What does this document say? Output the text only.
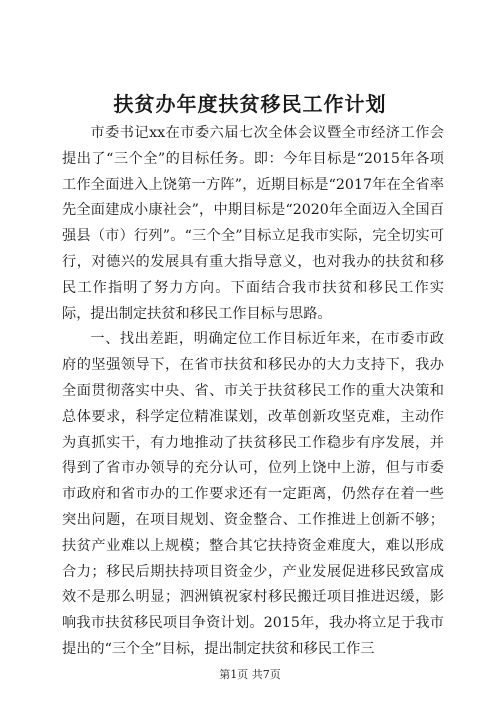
扶贫办年度扶贫移民工作计划

市委书记xx在市委六届七次全体会议暨全市经济工作会提出了“三个全”的目标任务。即：今年目标是“2015年各项工作全面进入上饶第一方阵”，近期目标是“2017年在全省率先全面建成小康社会”，中期目标是“2020年全面迈入全国百强县（市）行列”。“三个全”目标立足我市实际，完全切实可行，对德兴的发展具有重大指导意义，也对我办的扶贫和移民工作指明了努力方向。下面结合我市扶贫和移民工作实际，提出制定扶贫和移民工作目标与思路。

一、找出差距，明确定位工作目标近年来，在市委市政府的坚强领导下，在省市扶贫和移民办的大力支持下，我办全面贯彻落实中央、省、市关于扶贫移民工作的重大决策和总体要求，科学定位精准谋划，改革创新攻坚克难，主动作为真抓实干，有力地推动了扶贫移民工作稳步有序发展，并得到了省市办领导的充分认可，位列上饶中上游，但与市委市政府和省市办的工作要求还有一定距离，仍然存在着一些突出问题，在项目规划、资金整合、工作推进上创新不够；扶贫产业难以上规模；整合其它扶持资金难度大，难以形成合力；移民后期扶持项目资金少，产业发展促进移民致富成效不是那么明显；泗洲镇祝家村移民搬迁项目推进迟缓，影响我市扶贫移民项目争资计划。2015年，我办将立足于我市提出的“三个全”目标，提出制定扶贫和移民工作三

第1页 共7页
